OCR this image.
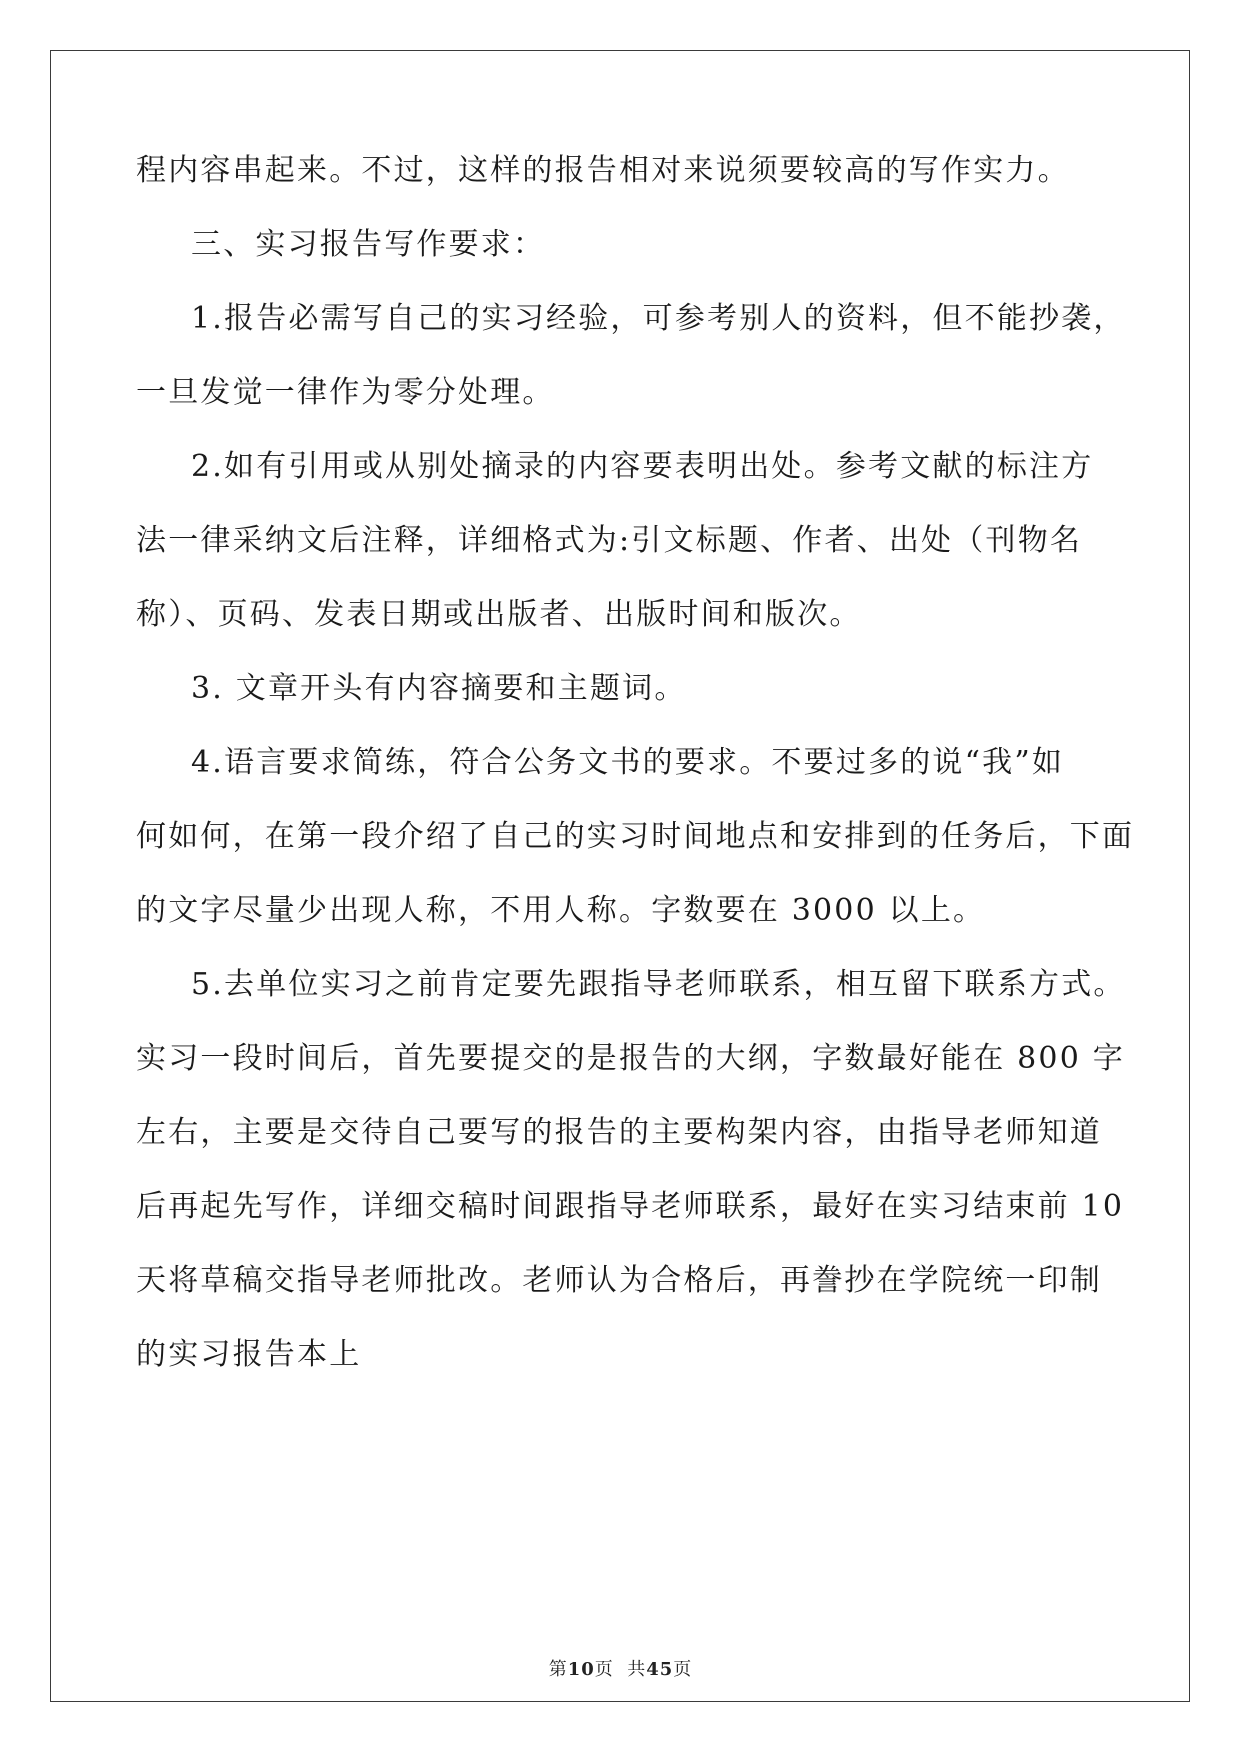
程内容串起来。不过，这样的报告相对来说须要较高的写作实力。
三、实习报告写作要求：
1.报告必需写自己的实习经验，可参考别人的资料，但不能抄袭，
一旦发觉一律作为零分处理。
2.如有引用或从别处摘录的内容要表明出处。参考文献的标注方
法一律采纳文后注释，详细格式为:引文标题、作者、出处（刊物名
称）、页码、发表日期或出版者、出版时间和版次。
3. 文章开头有内容摘要和主题词。
4.语言要求简练，符合公务文书的要求。不要过多的说“我”如
何如何，在第一段介绍了自己的实习时间地点和安排到的任务后，下面
的文字尽量少出现人称，不用人称。字数要在 3000 以上。
5.去单位实习之前肯定要先跟指导老师联系，相互留下联系方式。
实习一段时间后，首先要提交的是报告的大纲，字数最好能在 800 字
左右，主要是交待自己要写的报告的主要构架内容，由指导老师知道
后再起先写作，详细交稿时间跟指导老师联系，最好在实习结束前 10
天将草稿交指导老师批改。老师认为合格后，再誊抄在学院统一印制
的实习报告本上
第10页  共45页
